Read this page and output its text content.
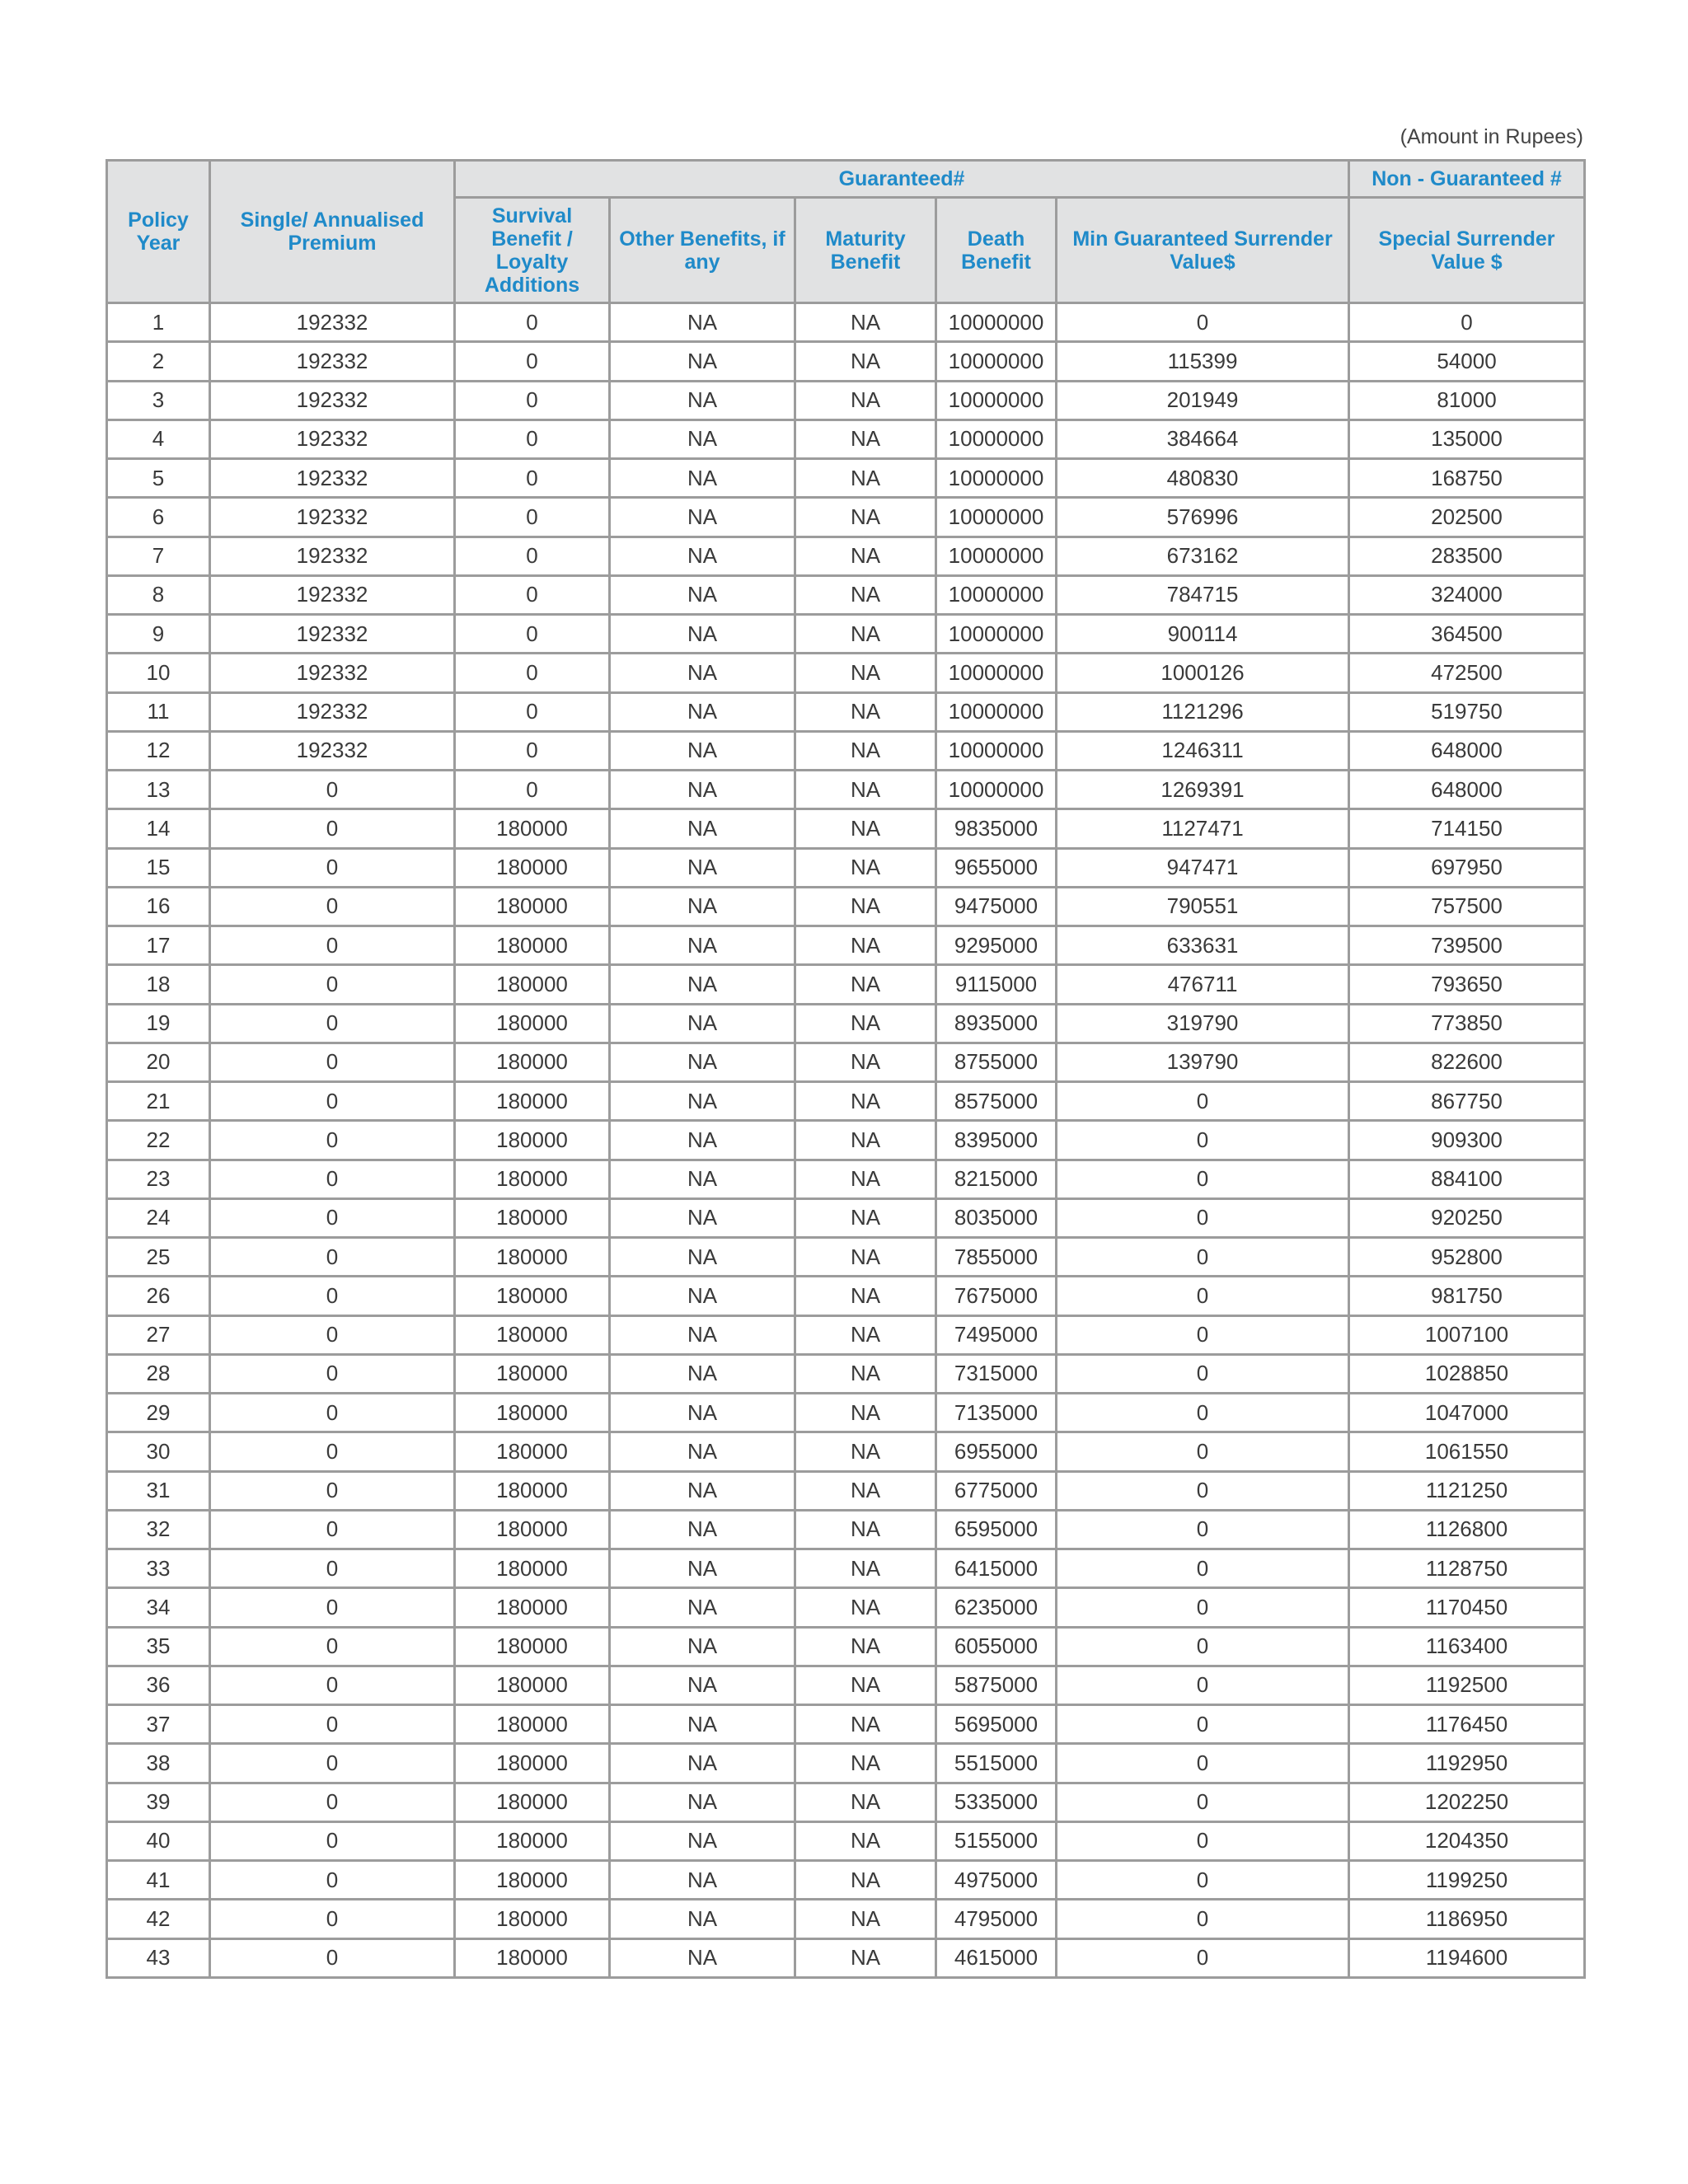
(Amount in Rupees)
Policy Year	Single/ Annualised Premium	Guaranteed#					Non - Guaranteed #
		Survival Benefit / Loyalty Additions	Other Benefits, if any	Maturity Benefit	Death Benefit	Min Guaranteed Surrender Value$	Special Surrender Value $
1	192332	0	NA	NA	10000000	0	0
2	192332	0	NA	NA	10000000	115399	54000
3	192332	0	NA	NA	10000000	201949	81000
4	192332	0	NA	NA	10000000	384664	135000
5	192332	0	NA	NA	10000000	480830	168750
6	192332	0	NA	NA	10000000	576996	202500
7	192332	0	NA	NA	10000000	673162	283500
8	192332	0	NA	NA	10000000	784715	324000
9	192332	0	NA	NA	10000000	900114	364500
10	192332	0	NA	NA	10000000	1000126	472500
11	192332	0	NA	NA	10000000	1121296	519750
12	192332	0	NA	NA	10000000	1246311	648000
13	0	0	NA	NA	10000000	1269391	648000
14	0	180000	NA	NA	9835000	1127471	714150
15	0	180000	NA	NA	9655000	947471	697950
16	0	180000	NA	NA	9475000	790551	757500
17	0	180000	NA	NA	9295000	633631	739500
18	0	180000	NA	NA	9115000	476711	793650
19	0	180000	NA	NA	8935000	319790	773850
20	0	180000	NA	NA	8755000	139790	822600
21	0	180000	NA	NA	8575000	0	867750
22	0	180000	NA	NA	8395000	0	909300
23	0	180000	NA	NA	8215000	0	884100
24	0	180000	NA	NA	8035000	0	920250
25	0	180000	NA	NA	7855000	0	952800
26	0	180000	NA	NA	7675000	0	981750
27	0	180000	NA	NA	7495000	0	1007100
28	0	180000	NA	NA	7315000	0	1028850
29	0	180000	NA	NA	7135000	0	1047000
30	0	180000	NA	NA	6955000	0	1061550
31	0	180000	NA	NA	6775000	0	1121250
32	0	180000	NA	NA	6595000	0	1126800
33	0	180000	NA	NA	6415000	0	1128750
34	0	180000	NA	NA	6235000	0	1170450
35	0	180000	NA	NA	6055000	0	1163400
36	0	180000	NA	NA	5875000	0	1192500
37	0	180000	NA	NA	5695000	0	1176450
38	0	180000	NA	NA	5515000	0	1192950
39	0	180000	NA	NA	5335000	0	1202250
40	0	180000	NA	NA	5155000	0	1204350
41	0	180000	NA	NA	4975000	0	1199250
42	0	180000	NA	NA	4795000	0	1186950
43	0	180000	NA	NA	4615000	0	1194600
